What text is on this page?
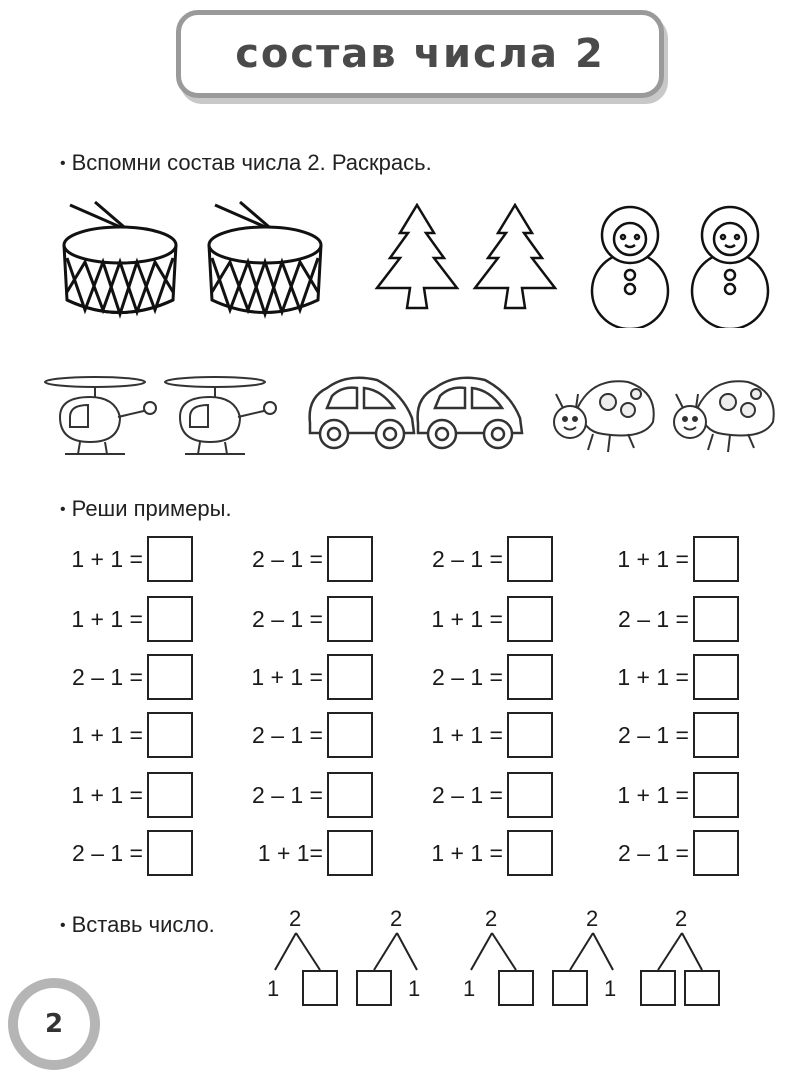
состав числа 2
• Вспомни состав числа 2. Раскрась.
• Реши примеры.
1 + 1 =	2 – 1 =	2 – 1 =	1 + 1 =
1 + 1 =	2 – 1 =	1 + 1 =	2 – 1 =
2 – 1 =	1 + 1 =	2 – 1 =	1 + 1 =
1 + 1 =	2 – 1 =	1 + 1 =	2 – 1 =
1 + 1 =	2 – 1 =	2 – 1 =	1 + 1 =
2 – 1 =	1 + 1=	1 + 1 =	2 – 1 =
• Вставь число.	2
1
2
1
2
1
2
1
2
2
